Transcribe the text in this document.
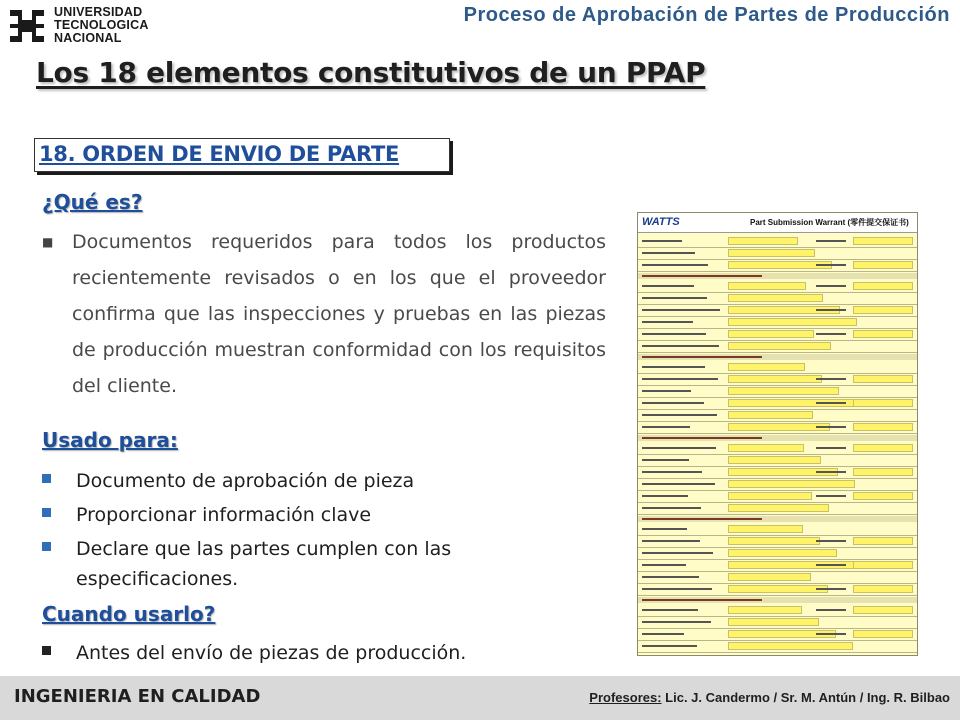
UNIVERSIDAD
TECNOLOGICA
NACIONAL
Proceso de Aprobación de Partes de Producción
Los 18 elementos constitutivos de un PPAP
18. ORDEN DE ENVIO DE PARTE
¿Qué es?
■ Documentos requeridos para todos los productos recientemente revisados o en los que el proveedor confirma que las inspecciones y pruebas en las piezas de producción muestran conformidad con los requisitos del cliente.
Usado para:
Documento de aprobación de pieza
Proporcionar información clave
Declare que las partes cumplen con las especificaciones.
Cuando usarlo?
Antes del envío de piezas de producción.
WATTS	Part Submission Warrant (零件提交保证书)
INGENIERIA EN CALIDAD	Profesores: Lic. J. Candermo / Sr. M. Antún / Ing. R. Bilbao
